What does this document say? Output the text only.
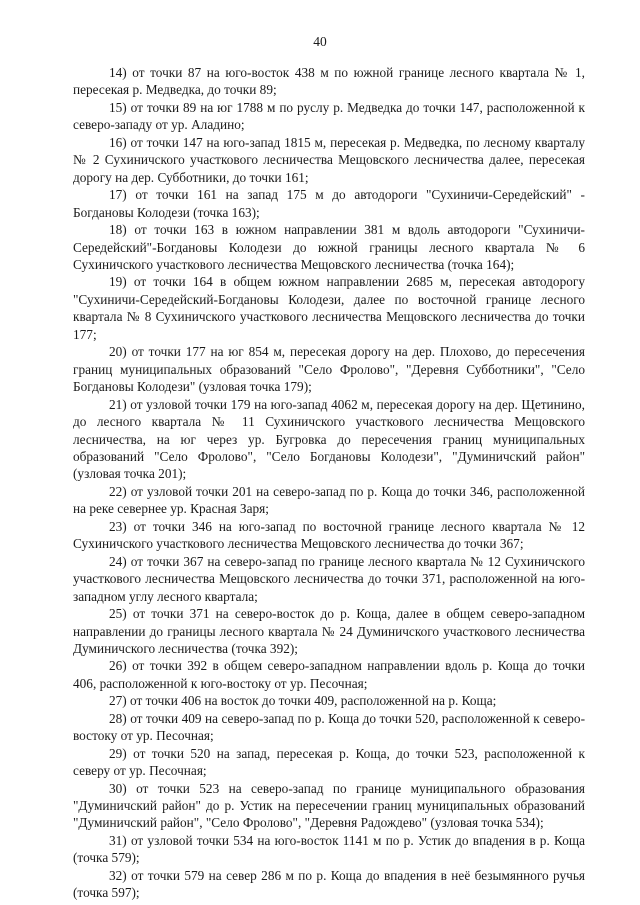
40

14) от точки 87 на юго-восток 438 м по южной границе лесного квартала № 1, пересекая р. Медведка, до точки 89;

15) от точки 89 на юг 1788 м по руслу р. Медведка до точки 147, расположенной к северо-западу от ур. Аладино;

16) от точки 147 на юго-запад 1815 м, пересекая р. Медведка, по лесному кварталу № 2 Сухиничского участкового лесничества Мещовского лесничества далее, пересекая дорогу на дер. Субботники, до точки 161;

17) от точки 161 на запад 175 м до автодороги "Сухиничи-Середейский" - Богдановы Колодези (точка 163);

18) от точки 163 в южном направлении 381 м вдоль автодороги "Сухиничи-Середейский"-Богдановы Колодези до южной границы лесного квартала № 6 Сухиничского участкового лесничества Мещовского лесничества (точка 164);

19) от точки 164 в общем южном направлении 2685 м, пересекая автодорогу "Сухиничи-Середейский-Богдановы Колодези, далее по восточной границе лесного квартала № 8 Сухиничского участкового лесничества Мещовского лесничества до точки 177;

20) от точки 177 на юг 854 м, пересекая дорогу на дер. Плохово, до пересечения границ муниципальных образований "Село Фролово", "Деревня Субботники", "Село Богдановы Колодези" (узловая точка 179);

21) от узловой точки 179 на юго-запад 4062 м, пересекая дорогу на дер. Щетинино, до лесного квартала № 11 Сухиничского участкового лесничества Мещовского лесничества, на юг через ур. Бугровка до пересечения границ муниципальных образований "Село Фролово", "Село Богдановы Колодези", "Думиничский район" (узловая точка 201);

22) от узловой точки 201 на северо-запад по р. Коща до точки 346, расположенной на реке севернее ур. Красная Заря;

23) от точки 346 на юго-запад по восточной границе лесного квартала № 12 Сухиничского участкового лесничества Мещовского лесничества до точки 367;

24) от точки 367 на северо-запад по границе лесного квартала № 12 Сухиничского участкового лесничества Мещовского лесничества до точки 371, расположенной на юго-западном углу лесного квартала;

25) от точки 371 на северо-восток до р. Коща, далее в общем северо-западном направлении до границы лесного квартала № 24 Думиничского участкового лесничества Думиничского лесничества (точка 392);

26) от точки 392 в общем северо-западном направлении вдоль р. Коща до точки 406, расположенной к юго-востоку от ур. Песочная;

27) от точки 406 на восток до точки 409, расположенной на р. Коща;

28) от точки 409 на северо-запад по р. Коща до точки 520, расположенной к северо-востоку от ур. Песочная;

29) от точки 520 на запад, пересекая р. Коща, до точки 523, расположенной к северу от ур. Песочная;

30) от точки 523 на северо-запад по границе муниципального образования "Думиничский район" до р. Устик на пересечении границ муниципальных образований "Думиничский район", "Село Фролово", "Деревня Радождево" (узловая точка 534);

31) от узловой точки 534 на юго-восток 1141 м по р. Устик до впадения в р. Коща (точка 579);

32) от точки 579 на север 286 м по р. Коща до впадения в неё безымянного ручья (точка 597);
